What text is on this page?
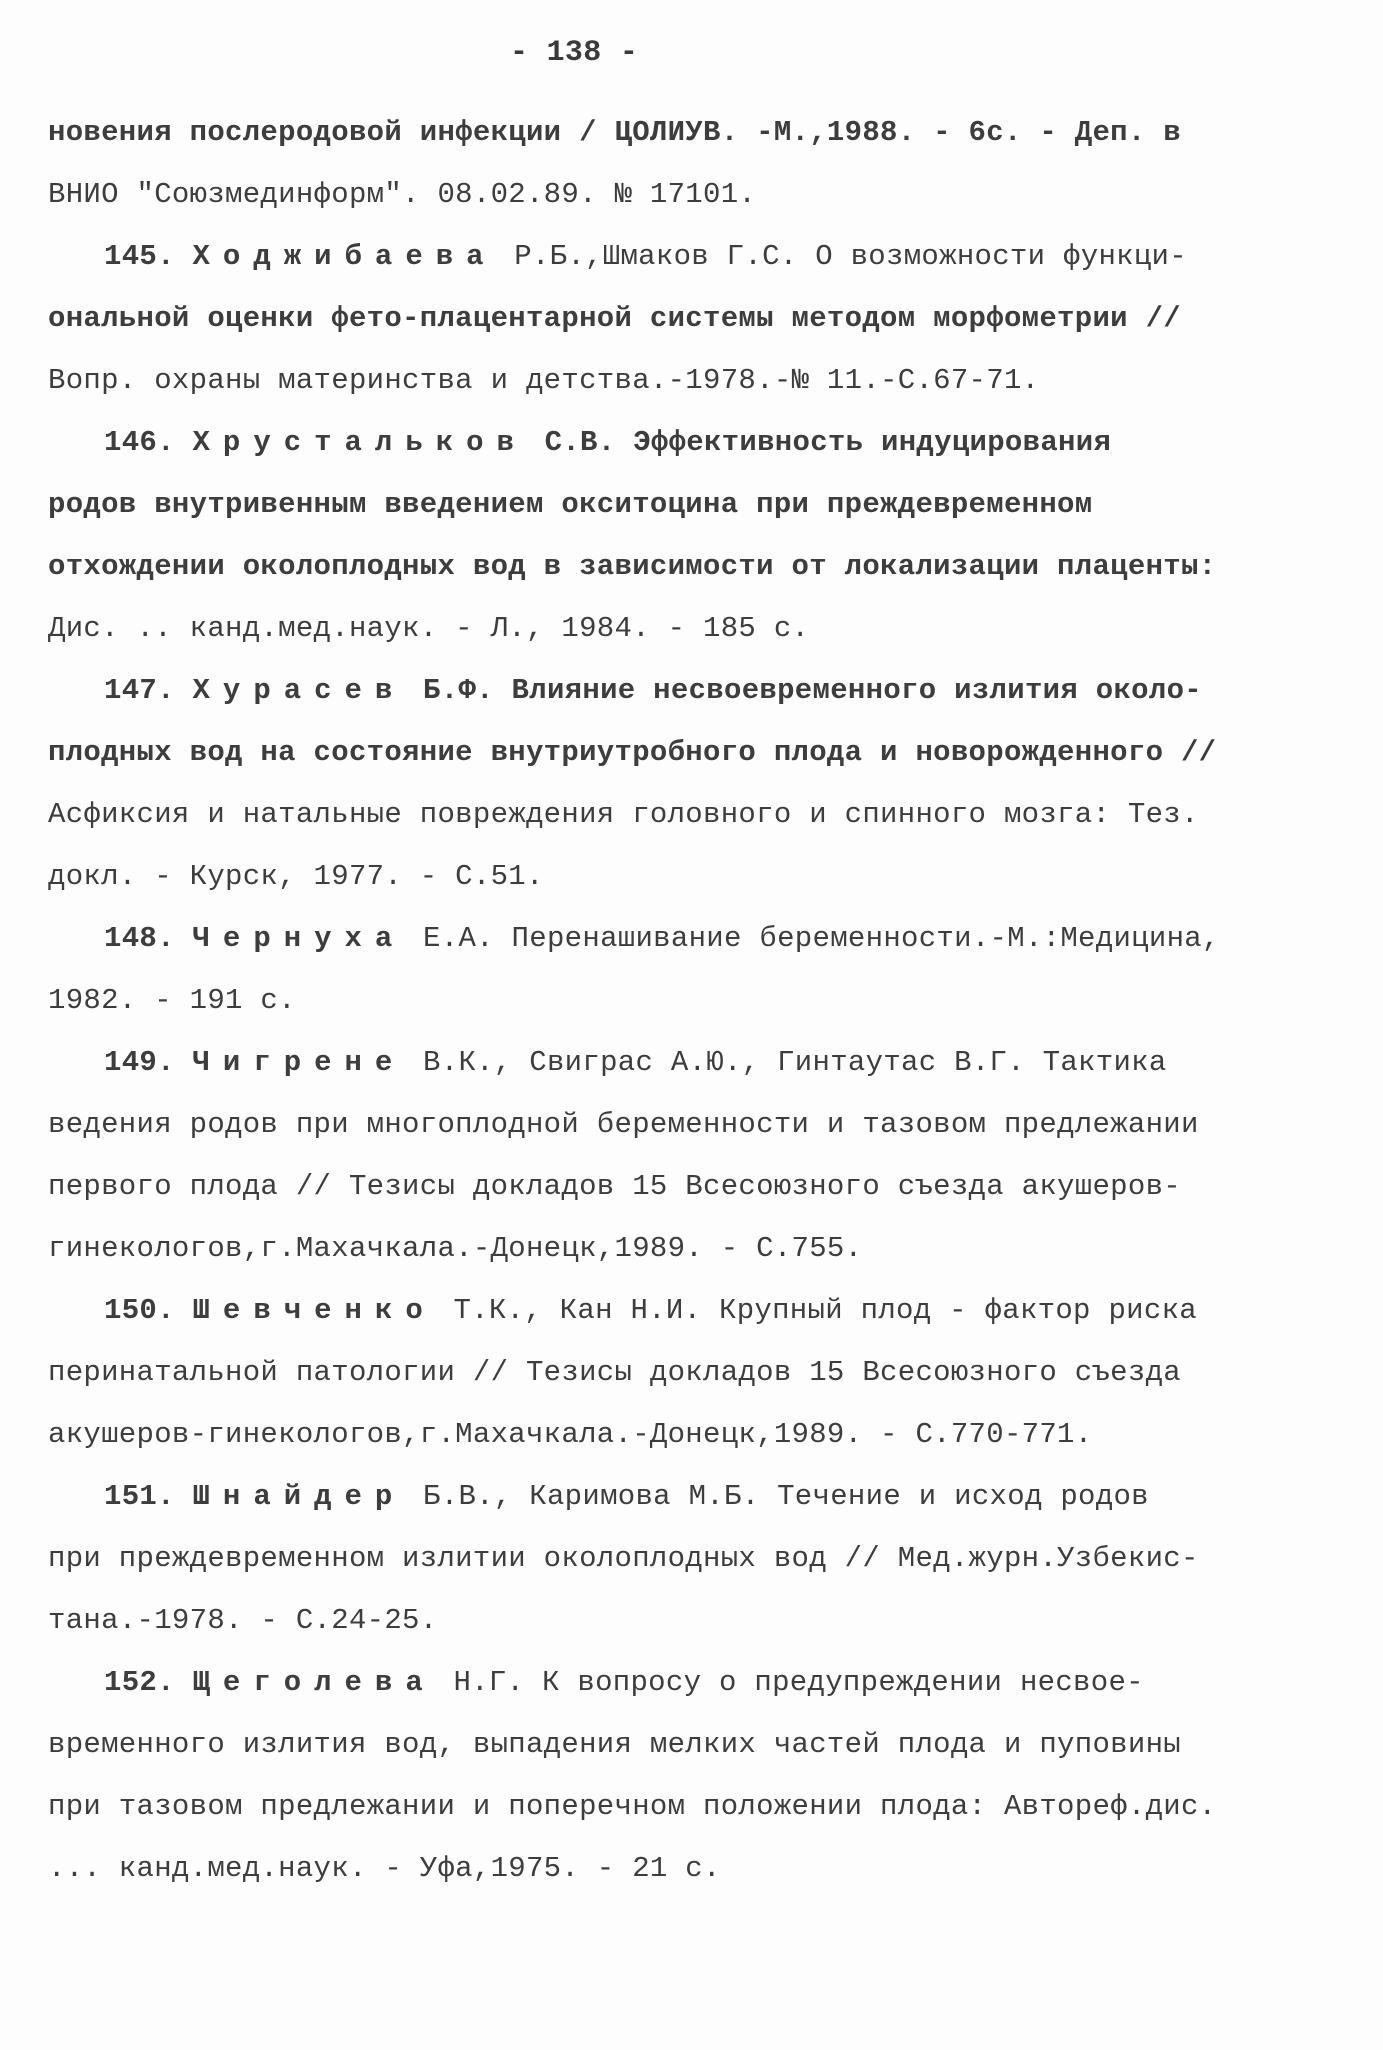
- 138 -
новения послеродовой инфекции / ЦОЛИУВ. -М.,1988. - 6с. - Деп. в
ВНИО "Союзмединформ". 08.02.89. № 17101.
145. Ходжибаева Р.Б.,Шмаков Г.С. О возможности функци-
ональной оценки фето-плацентарной системы методом морфометрии //
Вопр. охраны материнства и детства.-1978.-№ 11.-С.67-71.
146. Хрустальков С.В. Эффективность индуцирования
родов внутривенным введением окситоцина при преждевременном
отхождении околоплодных вод в зависимости от локализации плаценты:
Дис. .. канд.мед.наук. - Л., 1984. - 185 с.
147. Хурасев Б.Ф. Влияние несвоевременного излития около-
плодных вод на состояние внутриутробного плода и новорожденного //
Асфиксия и натальные повреждения головного и спинного мозга: Тез.
докл. - Курск, 1977. - С.51.
148. Чернуха Е.А. Перенашивание беременности.-М.:Медицина,
1982. - 191 с.
149. Чигрене В.К., Свиграс А.Ю., Гинтаутас В.Г. Тактика
ведения родов при многоплодной беременности и тазовом предлежании
первого плода // Тезисы докладов 15 Всесоюзного съезда акушеров-
гинекологов,г.Махачкала.-Донецк,1989. - С.755.
150. Шевченко Т.К., Кан Н.И. Крупный плод - фактор риска
перинатальной патологии // Тезисы докладов 15 Всесоюзного съезда
акушеров-гинекологов,г.Махачкала.-Донецк,1989. - С.770-771.
151. Шнайдер Б.В., Каримова М.Б. Течение и исход родов
при преждевременном излитии околоплодных вод // Мед.журн.Узбекис-
тана.-1978. - С.24-25.
152. Щеголева Н.Г. К вопросу о предупреждении несвое-
временного излития вод, выпадения мелких частей плода и пуповины
при тазовом предлежании и поперечном положении плода: Автореф.дис.
... канд.мед.наук. - Уфа,1975. - 21 с.
